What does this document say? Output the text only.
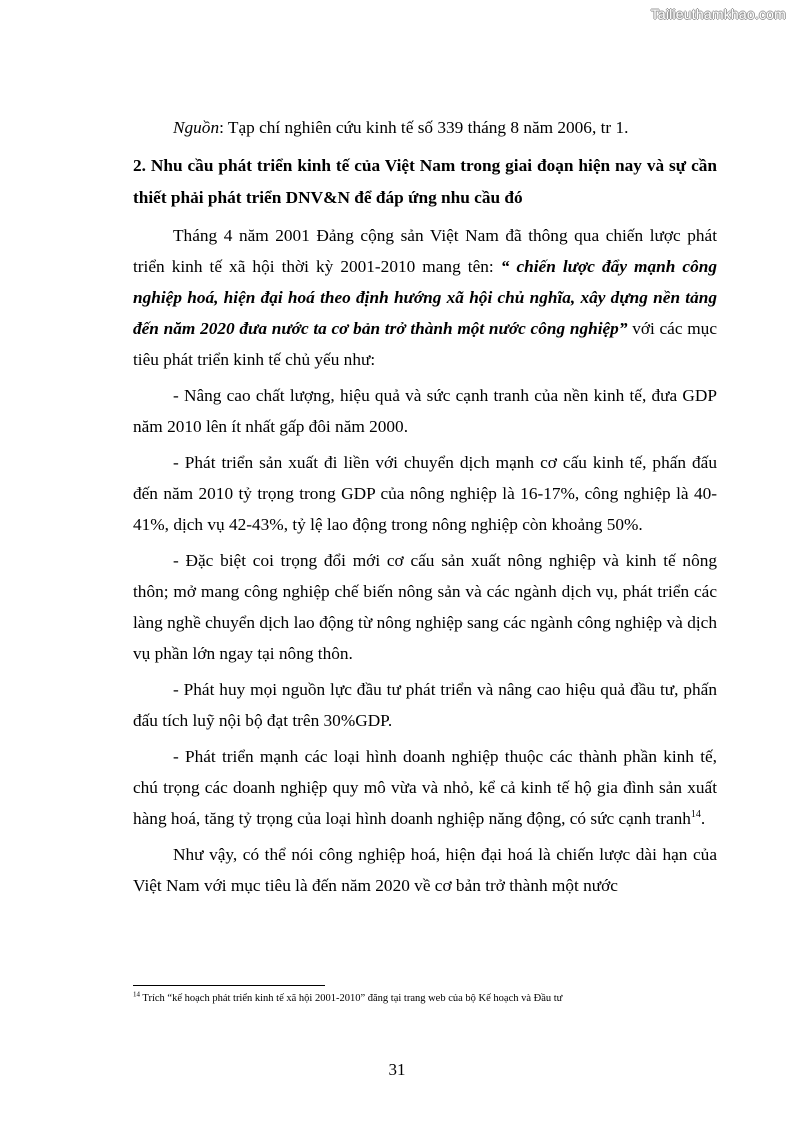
Tailieuthamkhao.com

Nguồn: Tạp chí nghiên cứu kinh tế số 339 tháng 8 năm 2006, tr 1.

2. Nhu cầu phát triển kinh tế của Việt Nam trong giai đoạn hiện nay và sự cần thiết phải phát triển DNV&N để đáp ứng nhu cầu đó

Tháng 4 năm 2001 Đảng cộng sản Việt Nam đã thông qua chiến lược phát triển kinh tế xã hội thời kỳ 2001-2010 mang tên: “ chiến lược đẩy mạnh công nghiệp hoá, hiện đại hoá theo định hướng xã hội chủ nghĩa, xây dựng nền tảng đến năm 2020 đưa nước ta cơ bản trở thành một nước công nghiệp” với các mục tiêu phát triển kinh tế chủ yếu như:

- Nâng cao chất lượng, hiệu quả và sức cạnh tranh của nền kinh tế, đưa GDP năm 2010 lên ít nhất gấp đôi năm 2000.

- Phát triển sản xuất đi liền với chuyển dịch mạnh cơ cấu kinh tế, phấn đấu đến năm 2010 tỷ trọng trong GDP của nông nghiệp là 16-17%, công nghiệp là 40-41%, dịch vụ 42-43%, tỷ lệ lao động trong nông nghiệp còn khoảng 50%.

- Đặc biệt coi trọng đổi mới cơ cấu sản xuất nông nghiệp và kinh tế nông thôn; mở mang công nghiệp chế biến nông sản và các ngành dịch vụ, phát triển các làng nghề chuyển dịch lao động từ nông nghiệp sang các ngành công nghiệp và dịch vụ phần lớn ngay tại nông thôn.

- Phát huy mọi nguồn lực đầu tư phát triển và nâng cao hiệu quả đầu tư, phấn đấu tích luỹ nội bộ đạt trên 30%GDP.

- Phát triển mạnh các loại hình doanh nghiệp thuộc các thành phần kinh tế, chú trọng các doanh nghiệp quy mô vừa và nhỏ, kể cả kinh tế hộ gia đình sản xuất hàng hoá, tăng tỷ trọng của loại hình doanh nghiệp năng động, có sức cạnh tranh$^{14}$.

Như vậy, có thể nói công nghiệp hoá, hiện đại hoá là chiến lược dài hạn của Việt Nam với mục tiêu là đến năm 2020 về cơ bản trở thành một nước

$^{14}$ Trích “kế hoạch phát triển kinh tế xã hội 2001-2010” đăng tại trang web của bộ Kế hoạch và Đầu tư
31
